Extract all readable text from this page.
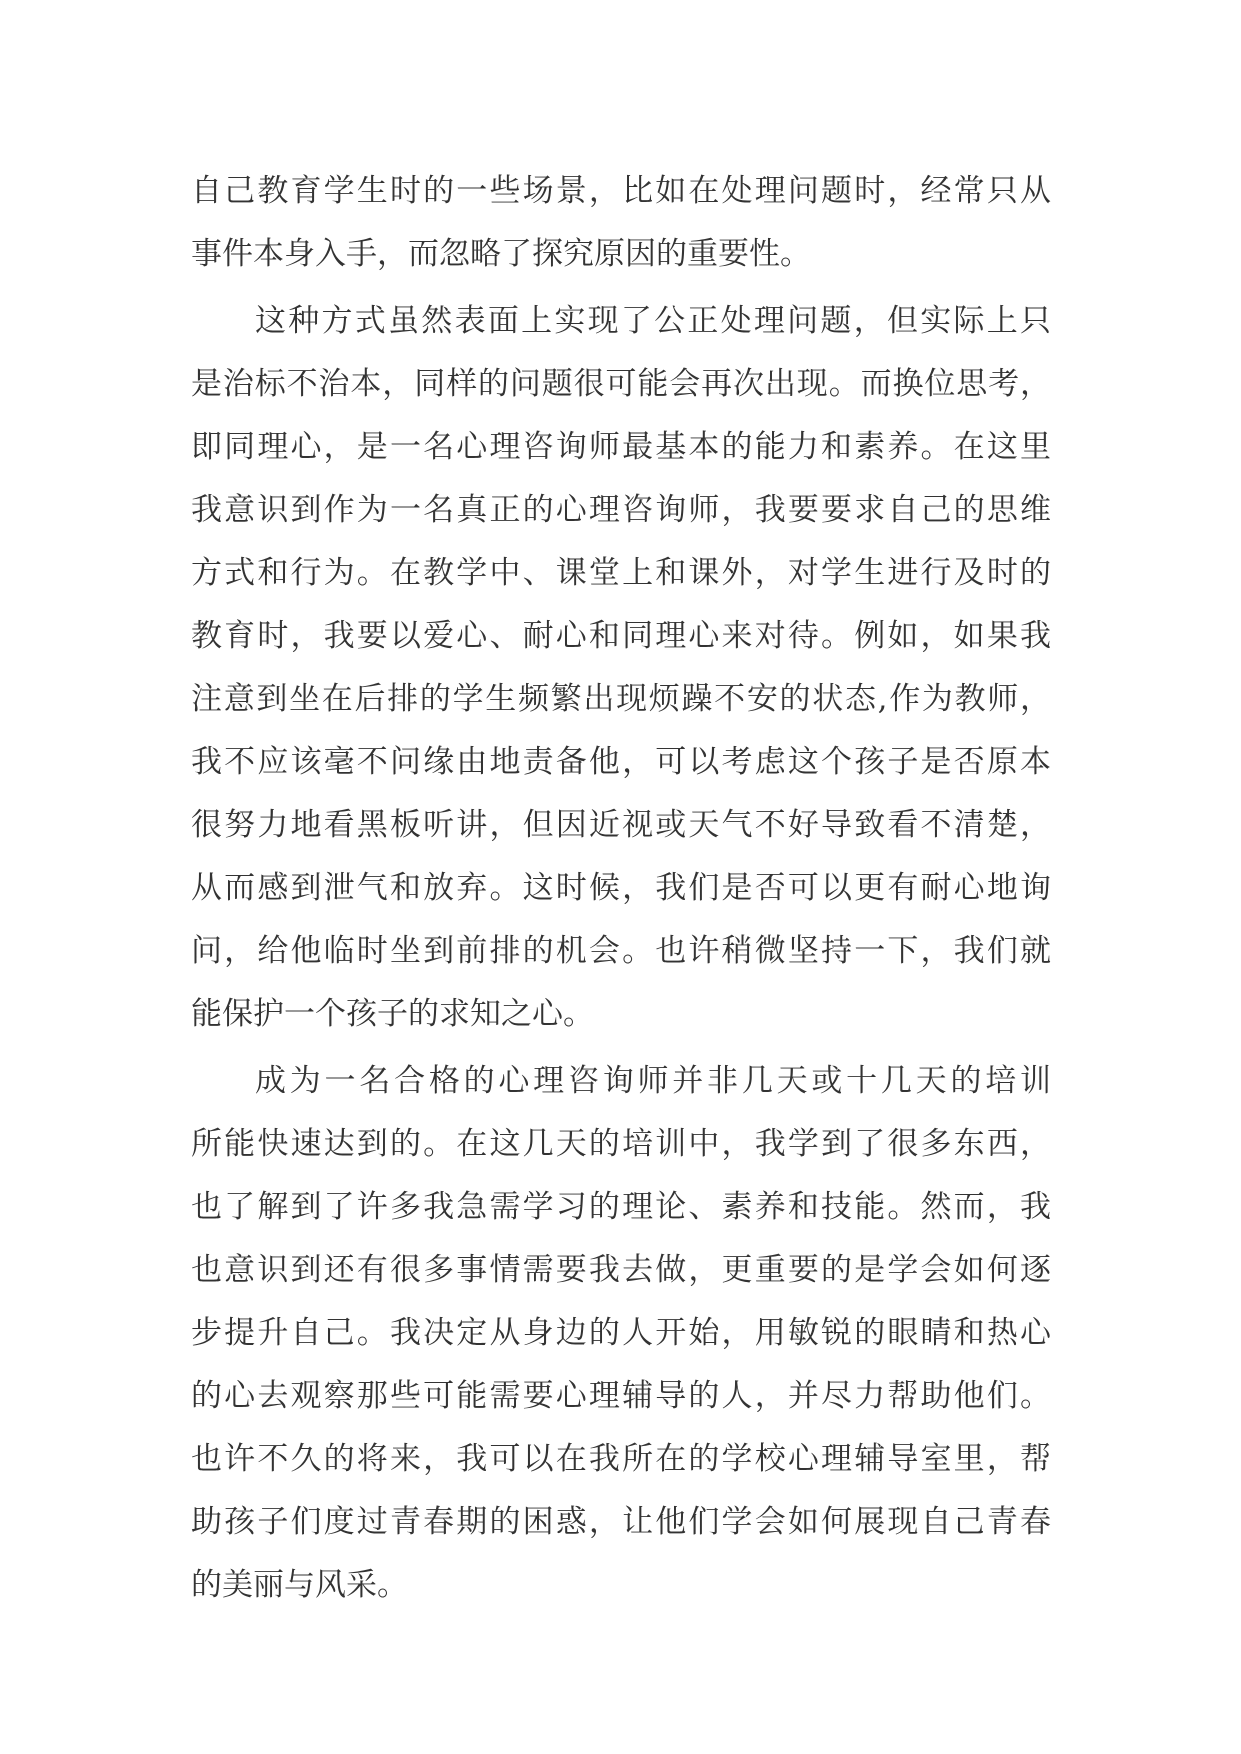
自己教育学生时的一些场景，比如在处理问题时，经常只从
事件本身入手，而忽略了探究原因的重要性。
这种方式虽然表面上实现了公正处理问题，但实际上只
是治标不治本，同样的问题很可能会再次出现。而换位思考，
即同理心，是一名心理咨询师最基本的能力和素养。在这里
我意识到作为一名真正的心理咨询师，我要要求自己的思维
方式和行为。在教学中、课堂上和课外，对学生进行及时的
教育时，我要以爱心、耐心和同理心来对待。例如，如果我
注意到坐在后排的学生频繁出现烦躁不安的状态,作为教师，
我不应该毫不问缘由地责备他，可以考虑这个孩子是否原本
很努力地看黑板听讲，但因近视或天气不好导致看不清楚，
从而感到泄气和放弃。这时候，我们是否可以更有耐心地询
问，给他临时坐到前排的机会。也许稍微坚持一下，我们就
能保护一个孩子的求知之心。
成为一名合格的心理咨询师并非几天或十几天的培训
所能快速达到的。在这几天的培训中，我学到了很多东西，
也了解到了许多我急需学习的理论、素养和技能。然而，我
也意识到还有很多事情需要我去做，更重要的是学会如何逐
步提升自己。我决定从身边的人开始，用敏锐的眼睛和热心
的心去观察那些可能需要心理辅导的人，并尽力帮助他们。
也许不久的将来，我可以在我所在的学校心理辅导室里，帮
助孩子们度过青春期的困惑，让他们学会如何展现自己青春
的美丽与风采。
